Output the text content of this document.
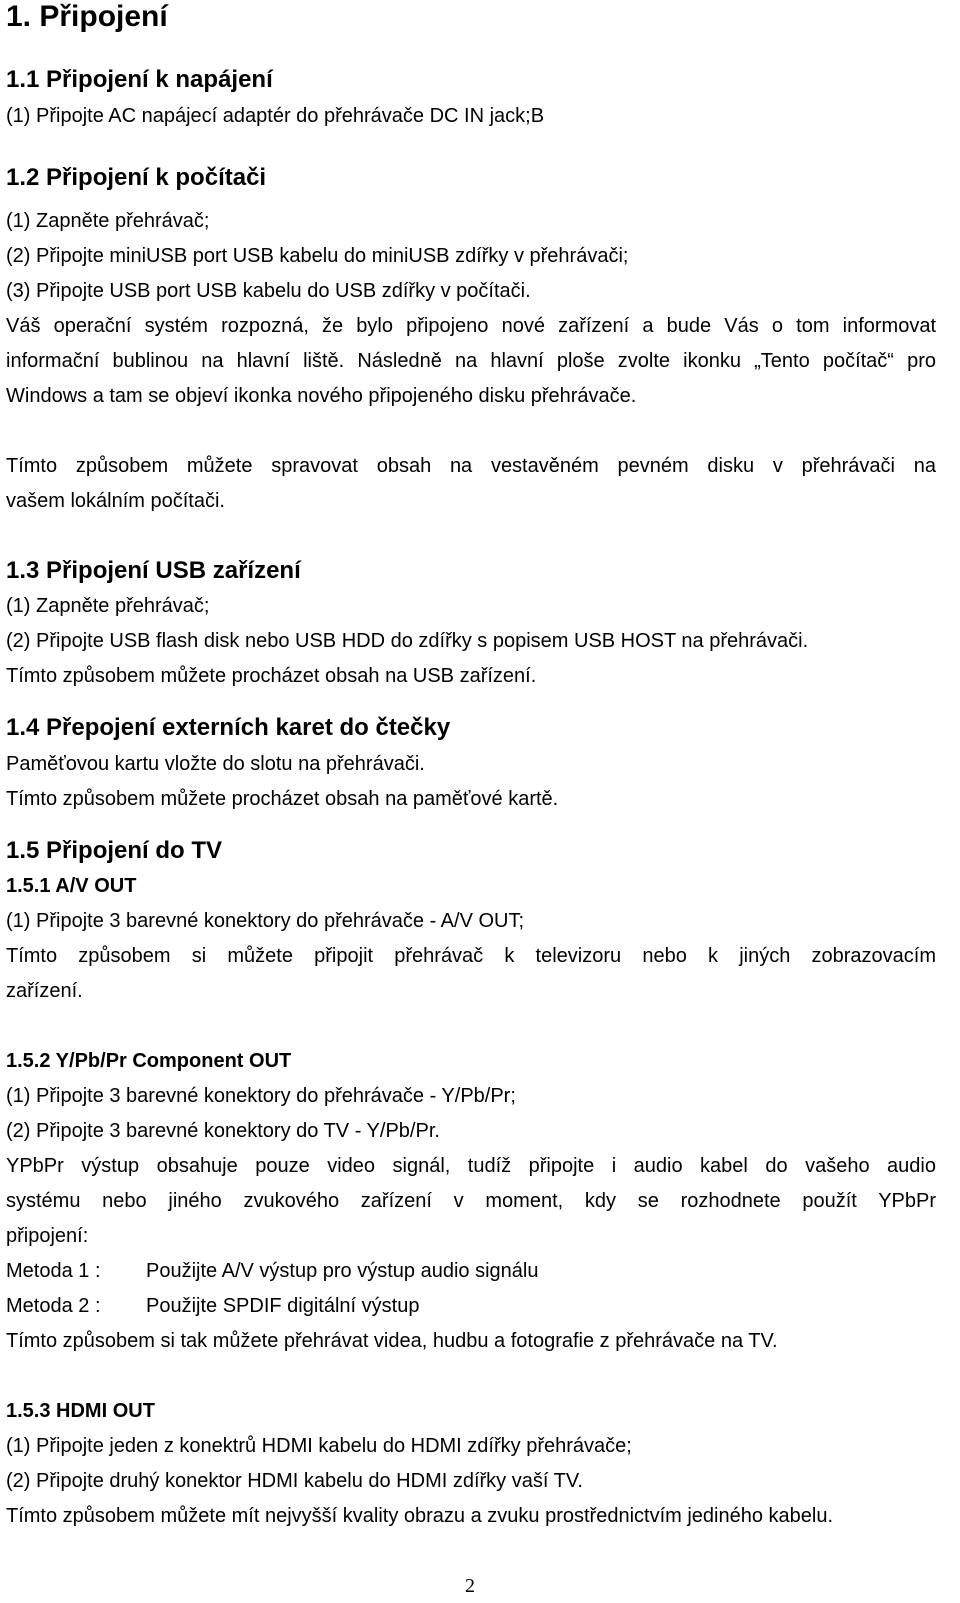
1. Připojení
1.1 Připojení k napájení

(1) Připojte AC napájecí adaptér do přehrávače DC IN jack;B

1.2 Připojení k počítači

(1) Zapněte přehrávač;

(2) Připojte miniUSB port USB kabelu do miniUSB zdířky v přehrávači;

(3) Připojte USB port USB kabelu do USB zdířky v počítači.

Váš operační systém rozpozná, že bylo připojeno nové zařízení a bude Vás o tom informovat

informační bublinou na hlavní liště. Následně na hlavní ploše zvolte ikonku „Tento počítač“ pro

Windows a tam se objeví ikonka nového připojeného disku přehrávače.

Tímto způsobem můžete spravovat obsah na vestavěném pevném disku v přehrávači na

vašem lokálním počítači.

1.3 Připojení USB zařízení

(1) Zapněte přehrávač;

(2) Připojte USB flash disk nebo USB HDD do zdířky s popisem USB HOST na přehrávači.

Tímto způsobem můžete procházet obsah na USB zařízení.

1.4 Přepojení externích karet do čtečky

Paměťovou kartu vložte do slotu na přehrávači.

Tímto způsobem můžete procházet obsah na paměťové kartě.

1.5 Připojení do TV
1.5.1 A/V OUT

(1) Připojte 3 barevné konektory do přehrávače - A/V OUT;

Tímto způsobem si můžete připojit přehrávač k televizoru nebo k jiných zobrazovacím

zařízení.

1.5.2 Y/Pb/Pr Component OUT

(1) Připojte 3 barevné konektory do přehrávače - Y/Pb/Pr;

(2) Připojte 3 barevné konektory do TV - Y/Pb/Pr.

YPbPr výstup obsahuje pouze video signál, tudíž připojte i audio kabel do vašeho audio

systému nebo jiného zvukového zařízení v moment, kdy se rozhodnete použít YPbPr

připojení:

Metoda 1 : Použijte A/V výstup pro výstup audio signálu
Metoda 2 : Použijte SPDIF digitální výstup

Tímto způsobem si tak můžete přehrávat videa, hudbu a fotografie z přehrávače na TV.

1.5.3 HDMI OUT

(1) Připojte jeden z konektrů HDMI kabelu do HDMI zdířky přehrávače;

(2) Připojte druhý konektor HDMI kabelu do HDMI zdířky vaší TV.

Tímto způsobem můžete mít nejvyšší kvality obrazu a zvuku prostřednictvím jediného kabelu.

2
